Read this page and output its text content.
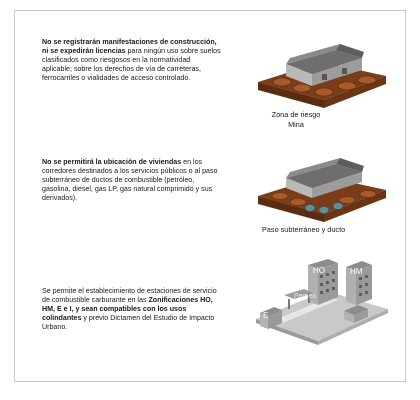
No se registrarán manifestaciones de construcción, ni se expedirán licencias para ningún uso sobre suelos clasificados como riesgosos en la normatividad aplicable; sobre los derechos de vía de carreteras, ferrocarriles o vialidades de acceso controlado.
Zona de riesgo
Mina
No se permitirá la ubicación de viviendas en los corredores destinados a los servicios públicos o al paso subterráneo de ductos de combustible (petróleo, gasolina, diesel, gas LP, gas natural comprimido y sus derivados).
Paso subterráneo y ducto
Se permite el establecimiento de estaciones de servicio de combustible carburante en las Zonificaciones HO, HM, E e I, y sean compatibles con los usos colindantes y previo Dictamen del Estudio de Impacto Urbano.
HO	HM
Pemex
E
